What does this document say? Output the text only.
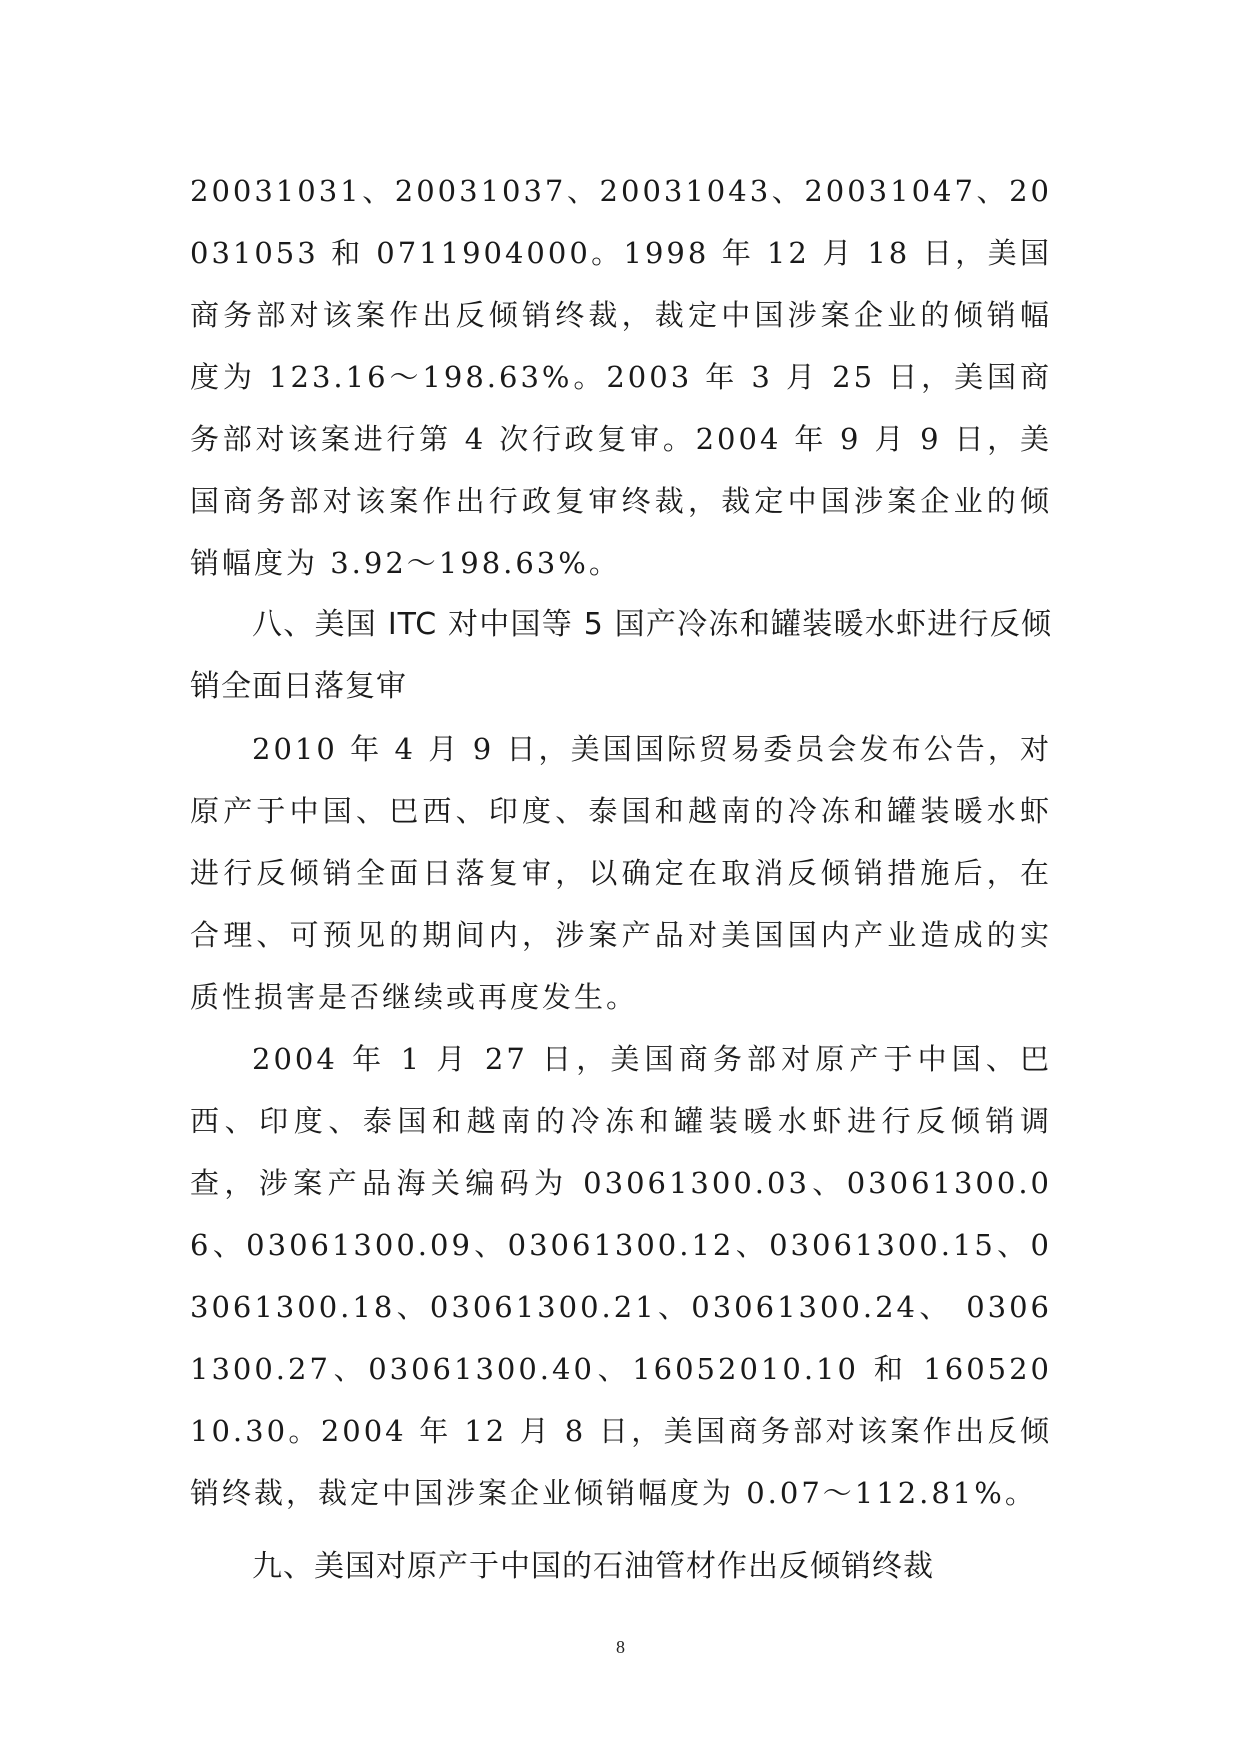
20031031、20031037、20031043、20031047、20031053 和 0711904000。1998 年 12 月 18 日，美国商务部对该案作出反倾销终裁，裁定中国涉案企业的倾销幅度为 123.16～198.63%。2003 年 3 月 25 日，美国商务部对该案进行第 4 次行政复审。2004 年 9 月 9 日，美国商务部对该案作出行政复审终裁，裁定中国涉案企业的倾销幅度为 3.92～198.63%。

八、美国 ITC 对中国等 5 国产冷冻和罐装暖水虾进行反倾销全面日落复审

2010 年 4 月 9 日，美国国际贸易委员会发布公告，对原产于中国、巴西、印度、泰国和越南的冷冻和罐装暖水虾进行反倾销全面日落复审，以确定在取消反倾销措施后，在合理、可预见的期间内，涉案产品对美国国内产业造成的实质性损害是否继续或再度发生。

2004 年 1 月 27 日，美国商务部对原产于中国、巴西、印度、泰国和越南的冷冻和罐装暖水虾进行反倾销调查，涉案产品海关编码为 03061300.03、03061300.06、03061300.09、03061300.12、03061300.15、03061300.18、03061300.21、03061300.24、 03061300.27、03061300.40、16052010.10 和 16052010.30。2004 年 12 月 8 日，美国商务部对该案作出反倾销终裁，裁定中国涉案企业倾销幅度为 0.07～112.81%。

九、美国对原产于中国的石油管材作出反倾销终裁

8
